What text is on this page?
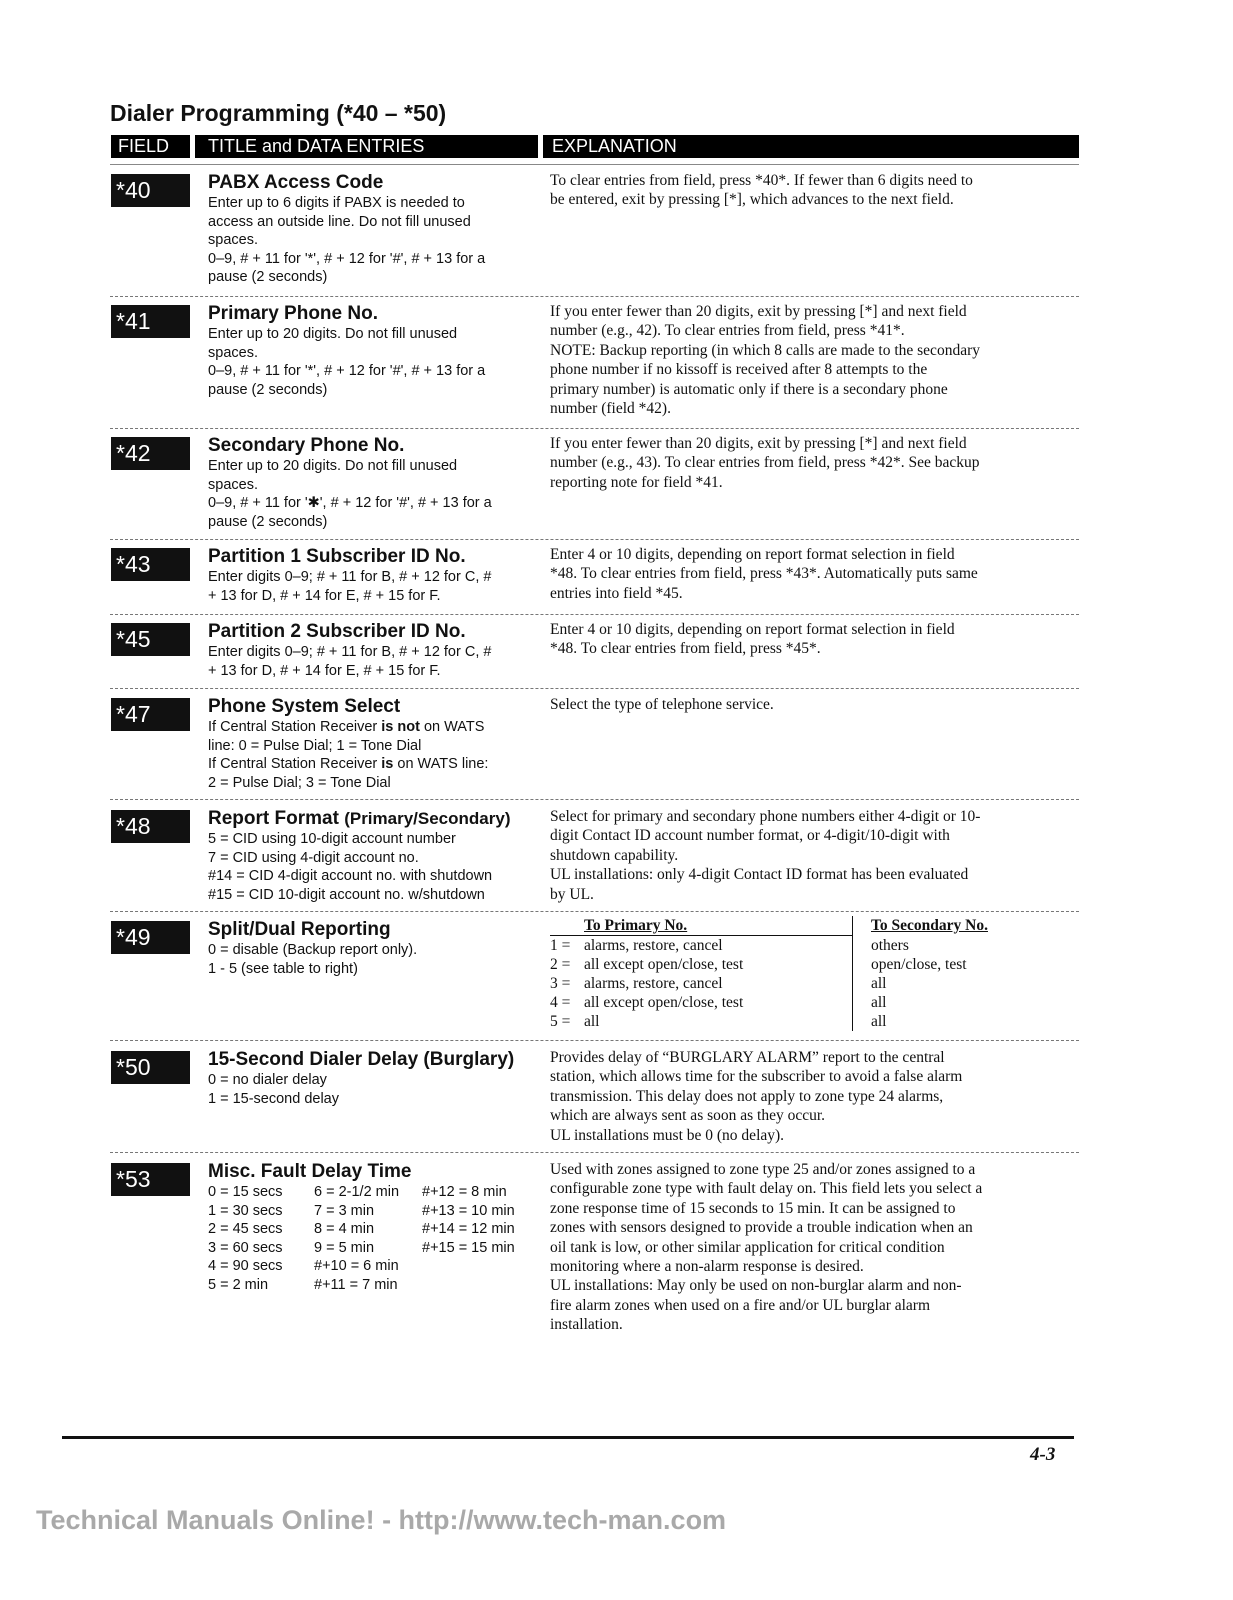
Dialer Programming (*40 – *50)
FIELD	TITLE and DATA ENTRIES	EXPLANATION
*40	PABX Access Code
Enter up to 6 digits if PABX is needed to
access an outside line. Do not fill unused
spaces.
0–9, # + 11 for '*', # + 12 for '#', # + 13 for a
pause (2 seconds)
To clear entries from field, press *40*. If fewer than 6 digits need to
be entered, exit by pressing [*], which advances to the next field.
*41	Primary Phone No.
Enter up to 20 digits. Do not fill unused
spaces.
0–9, # + 11 for '*', # + 12 for '#', # + 13 for a
pause (2 seconds)
If you enter fewer than 20 digits, exit by pressing [*] and next field
number (e.g., 42). To clear entries from field, press *41*.
NOTE: Backup reporting (in which 8 calls are made to the secondary
phone number if no kissoff is received after 8 attempts to the
primary number) is automatic only if there is a secondary phone
number (field *42).
*42	Secondary Phone No.
Enter up to 20 digits. Do not fill unused
spaces.
0–9, # + 11 for '✱', # + 12 for '#', # + 13 for a
pause (2 seconds)
If you enter fewer than 20 digits, exit by pressing [*] and next field
number (e.g., 43). To clear entries from field, press *42*. See backup
reporting note for field *41.
*43	Partition 1 Subscriber ID No.
Enter digits 0–9; # + 11 for B, # + 12 for C, #
+ 13 for D, # + 14 for E, # + 15 for F.
Enter 4 or 10 digits, depending on report format selection in field
*48. To clear entries from field, press *43*. Automatically puts same
entries into field *45.
*45	Partition 2 Subscriber ID No.
Enter digits 0–9; # + 11 for B, # + 12 for C, #
+ 13 for D, # + 14 for E, # + 15 for F.
Enter 4 or 10 digits, depending on report format selection in field
*48. To clear entries from field, press *45*.
*47	Phone System Select
If Central Station Receiver is not on WATS
line: 0 = Pulse Dial; 1 = Tone Dial
If Central Station Receiver is on WATS line:
2 = Pulse Dial; 3 = Tone Dial
Select the type of telephone service.
*48	Report Format (Primary/Secondary)
5 = CID using 10-digit account number
7 = CID using 4-digit account no.
#14 = CID 4-digit account no. with shutdown
#15 = CID 10-digit account no. w/shutdown
Select for primary and secondary phone numbers either 4-digit or 10-
digit Contact ID account number format, or 4-digit/10-digit with
shutdown capability.
UL installations: only 4-digit Contact ID format has been evaluated
by UL.
*49	Split/Dual Reporting
0 = disable (Backup report only).
1 - 5 (see table to right)
To Primary No.		To Secondary No.
1 =	alarms, restore, cancel	others
2 =	all except open/close, test	open/close, test
3 =	alarms, restore, cancel	all
4 =	all except open/close, test	all
5 =	all	all
*50	15-Second Dialer Delay (Burglary)
0 = no dialer delay
1 = 15-second delay
Provides delay of “BURGLARY ALARM” report to the central
station, which allows time for the subscriber to avoid a false alarm
transmission. This delay does not apply to zone type 24 alarms,
which are always sent as soon as they occur.
UL installations must be 0 (no delay).
*53	Misc. Fault Delay Time
0 = 15 secs	6 = 2-1/2 min	#+12 = 8 min
1 = 30 secs	7 = 3 min	#+13 = 10 min
2 = 45 secs	8 = 4 min	#+14 = 12 min
3 = 60 secs	9 = 5 min	#+15 = 15 min
4 = 90 secs	#+10 = 6 min
5 = 2 min	#+11 = 7 min
Used with zones assigned to zone type 25 and/or zones assigned to a
configurable zone type with fault delay on. This field lets you select a
zone response time of 15 seconds to 15 min. It can be assigned to
zones with sensors designed to provide a trouble indication when an
oil tank is low, or other similar application for critical condition
monitoring where a non-alarm response is desired.
UL installations: May only be used on non-burglar alarm and non-
fire alarm zones when used on a fire and/or UL burglar alarm
installation.
4-3
Technical Manuals Online! - http://www.tech-man.com
